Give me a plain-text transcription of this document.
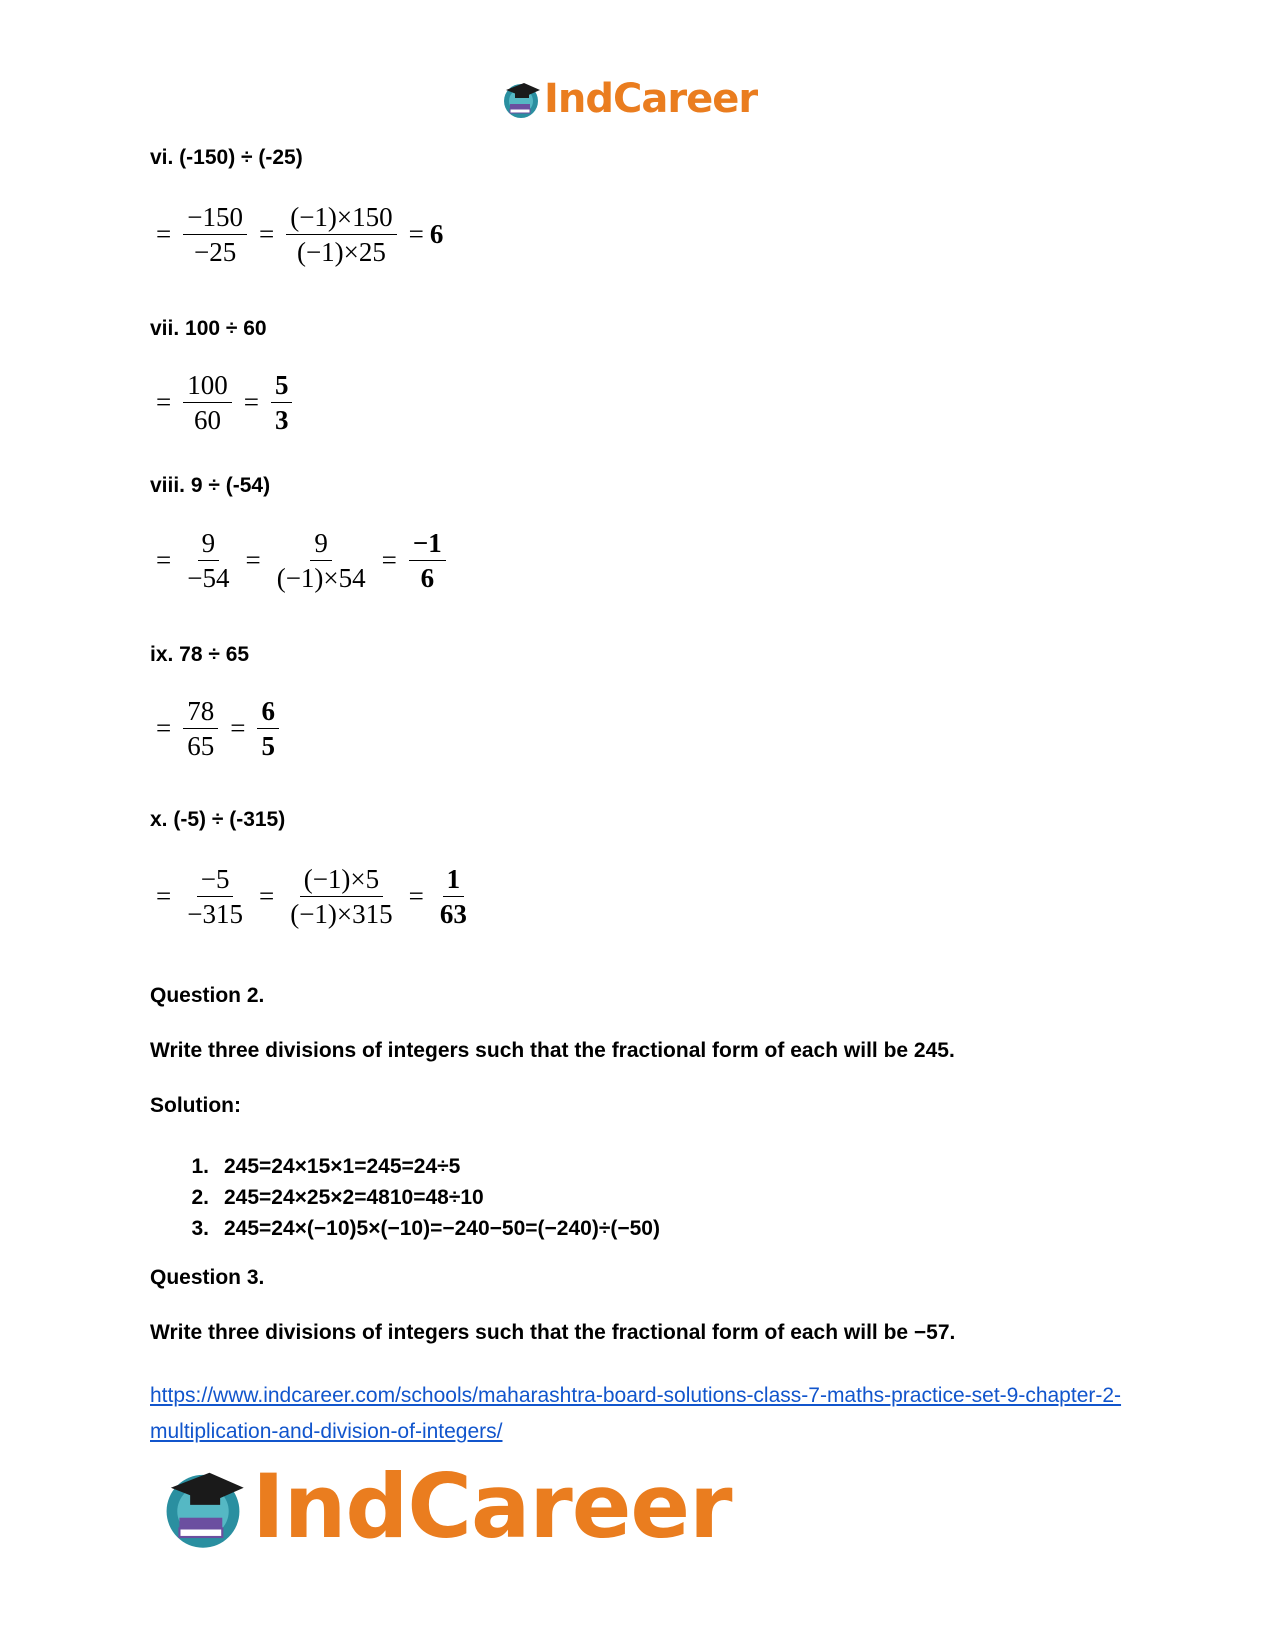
IndCareer
vi. (-150) ÷ (-25)
= $\frac{-150}{-25} = \frac{(-1)\times 150}{(-1)\times 25} = 6$
vii. 100 ÷ 60
= $\frac{100}{60} = \frac{5}{3}$
viii. 9 ÷ (-54)
= $\frac{9}{-54} = \frac{9}{(-1)\times 54} = \frac{-1}{6}$
ix. 78 ÷ 65
= $\frac{78}{65} = \frac{6}{5}$
x. (-5) ÷ (-315)
= $\frac{-5}{-315} = \frac{(-1)\times 5}{(-1)\times 315} = \frac{1}{63}$
Question 2.
Write three divisions of integers such that the fractional form of each will be 245.
Solution:
1. 245=24×15×1=245=24÷5
2. 245=24×25×2=4810=48÷10
3. 245=24×(−10)5×(−10)=−240−50=(−240)÷(−50)
Question 3.
Write three divisions of integers such that the fractional form of each will be −57.
https://www.indcareer.com/schools/maharashtra-board-solutions-class-7-maths-practice-set-9-chapter-2-multiplication-and-division-of-integers/
IndCareer
